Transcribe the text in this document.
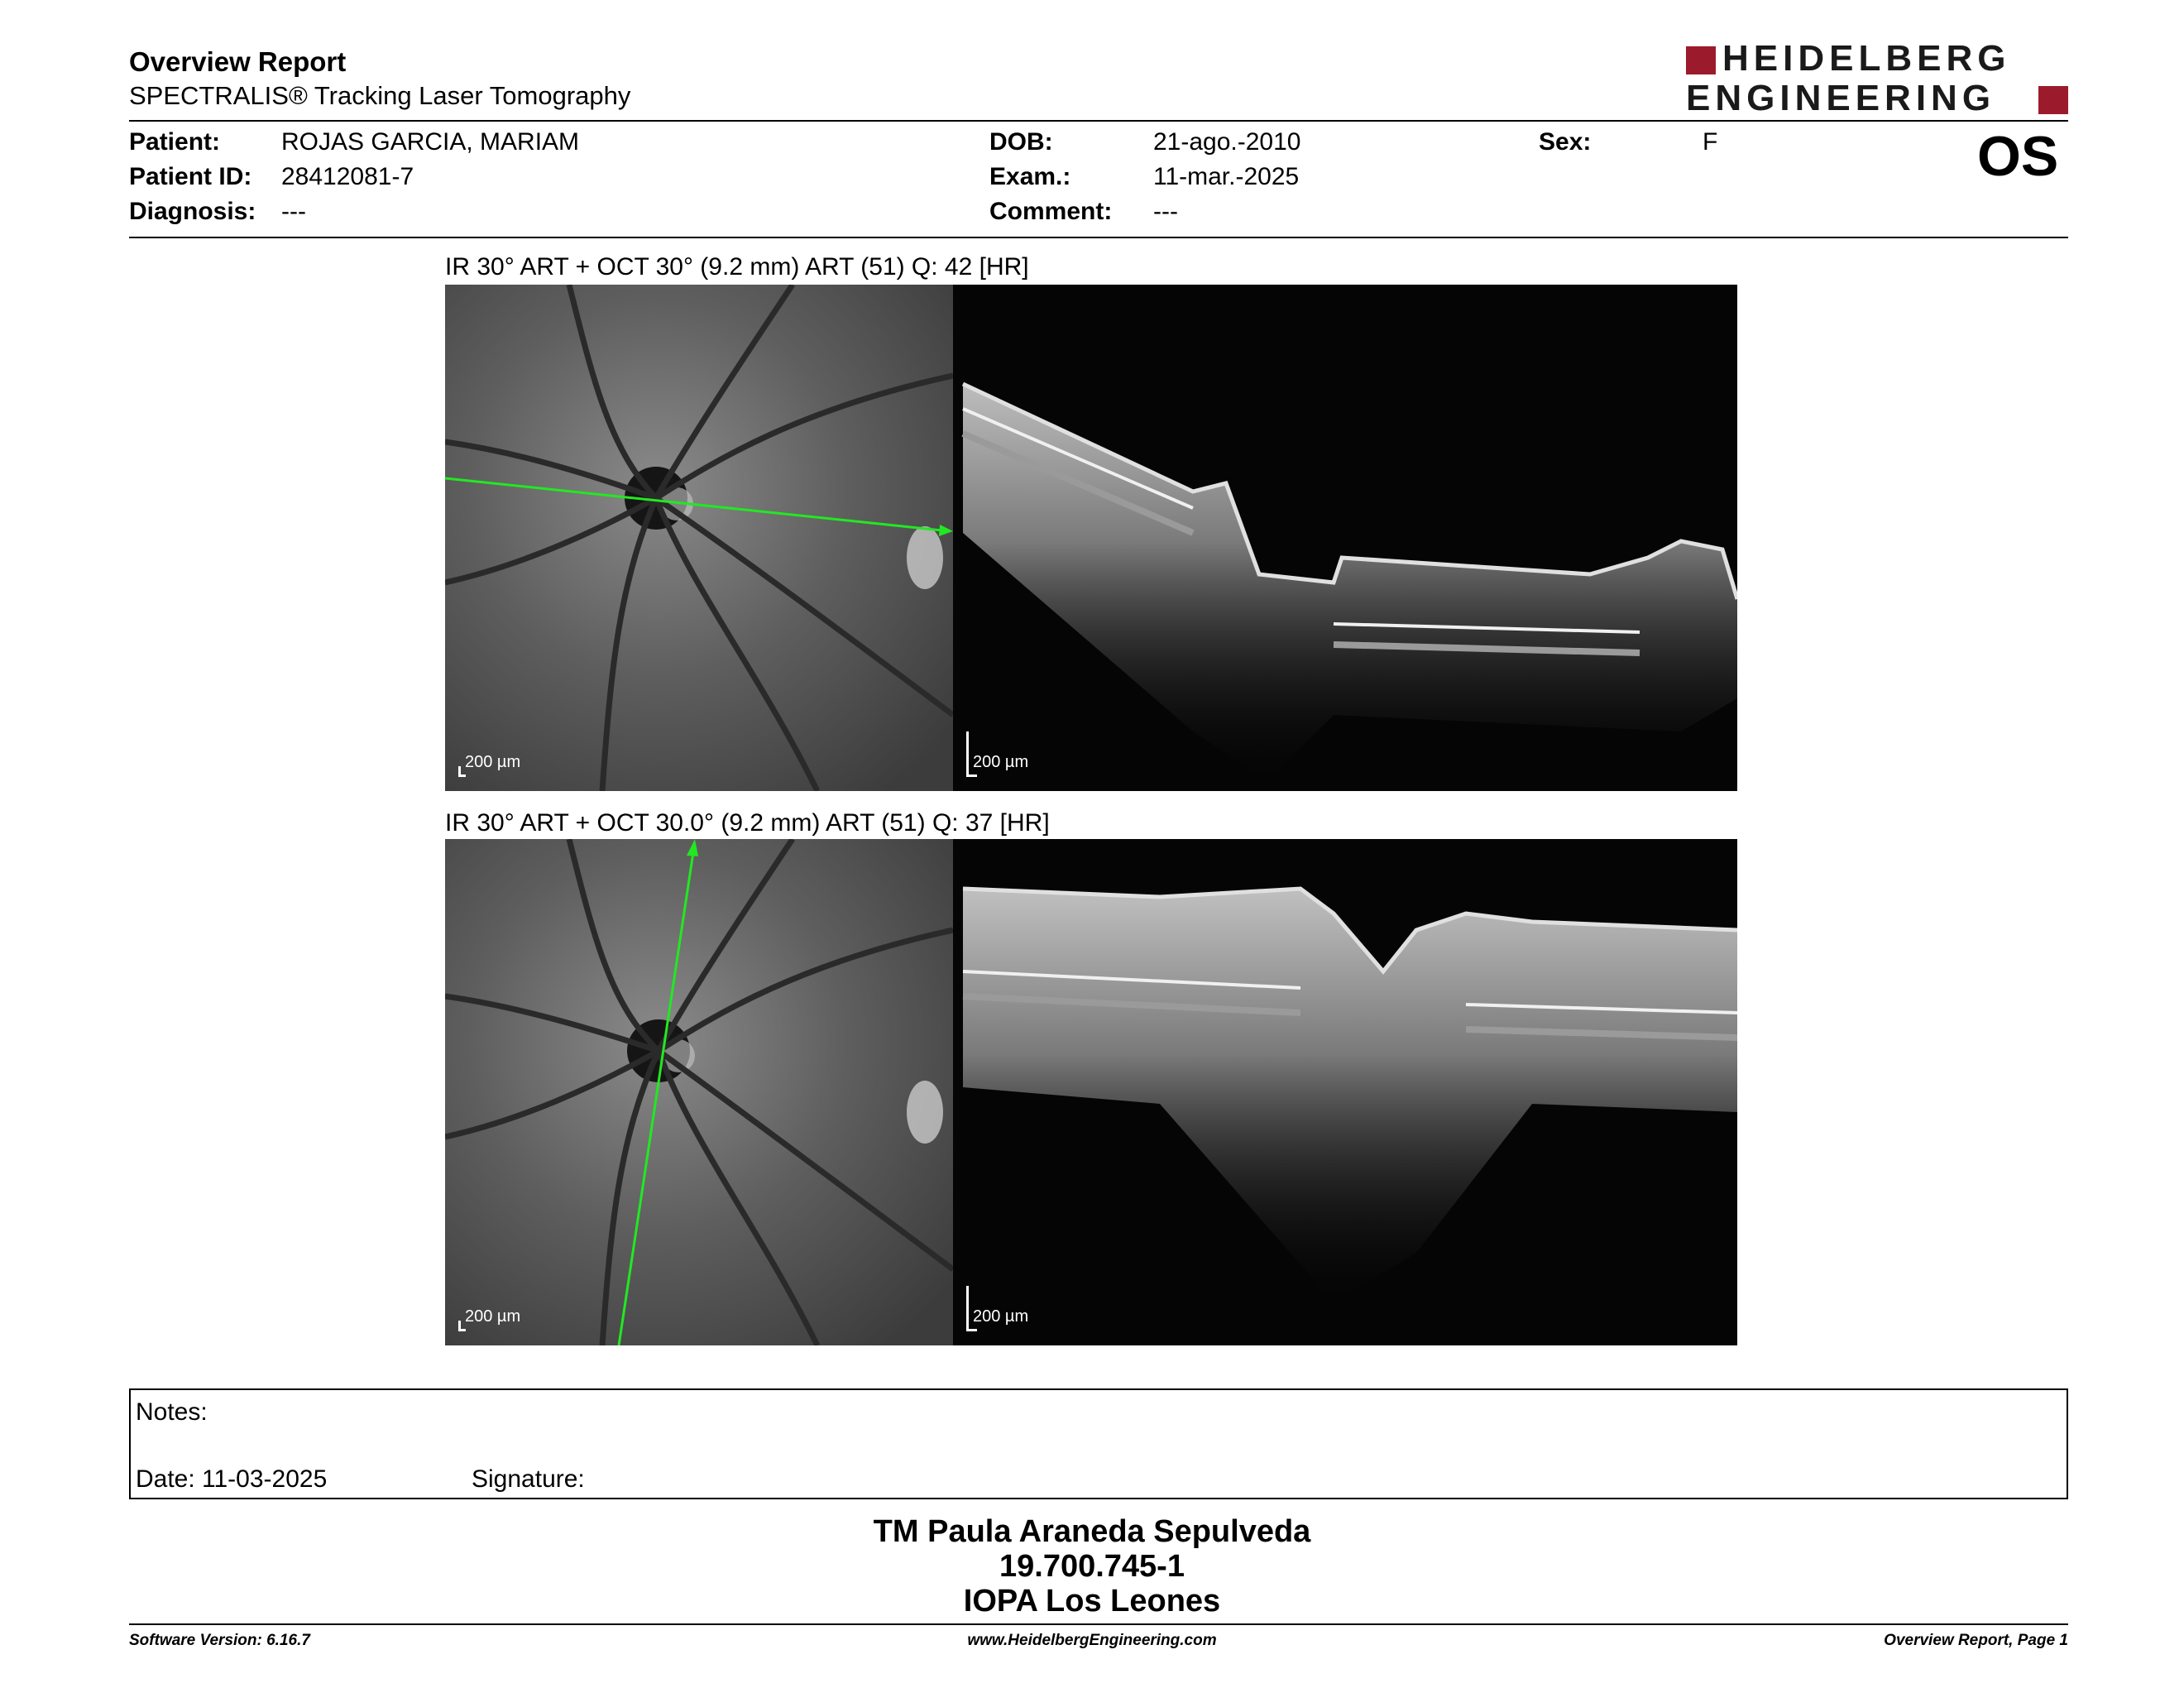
Overview Report
SPECTRALIS® Tracking Laser Tomography
HEIDELBERG
ENGINEERING
Patient: ROJAS GARCIA, MARIAM
Patient ID: 28412081-7
Diagnosis: ---
DOB:	21-ago.-2010
Exam.:	11-mar.-2025
Comment: ---
Sex:	F	OS
IR 30° ART + OCT 30° (9.2 mm) ART (51) Q: 42 [HR]
200 µm	200 µm
IR 30° ART + OCT 30.0° (9.2 mm) ART (51) Q: 37 [HR]
200 µm	200 µm
Notes:
Date: 11-03-2025	Signature:
TM Paula Araneda Sepulveda
19.700.745-1
IOPA Los Leones
Software Version: 6.16.7	www.HeidelbergEngineering.com	Overview Report, Page 1
